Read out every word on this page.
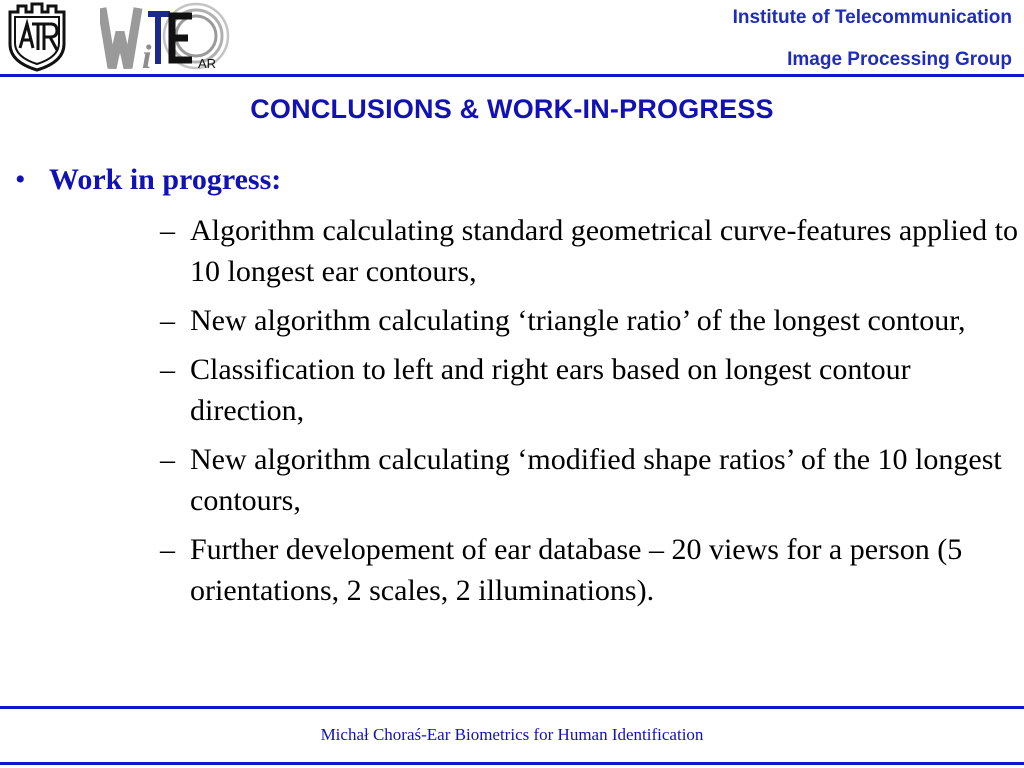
i	AR
Institute of Telecommunication
Image Processing Group
CONCLUSIONS & WORK-IN-PROGRESS
• Work in progress:
– Algorithm calculating standard geometrical curve-features applied to 10 longest ear contours,
– New algorithm calculating ‘triangle ratio’ of the longest contour,
– Classification to left and right ears based on longest contour direction,
– New algorithm calculating ‘modified shape ratios’ of the 10 longest contours,
– Further developement of ear database – 20 views for a person (5 orientations, 2 scales, 2 illuminations).
Michał Choraś-Ear Biometrics for Human Identification
